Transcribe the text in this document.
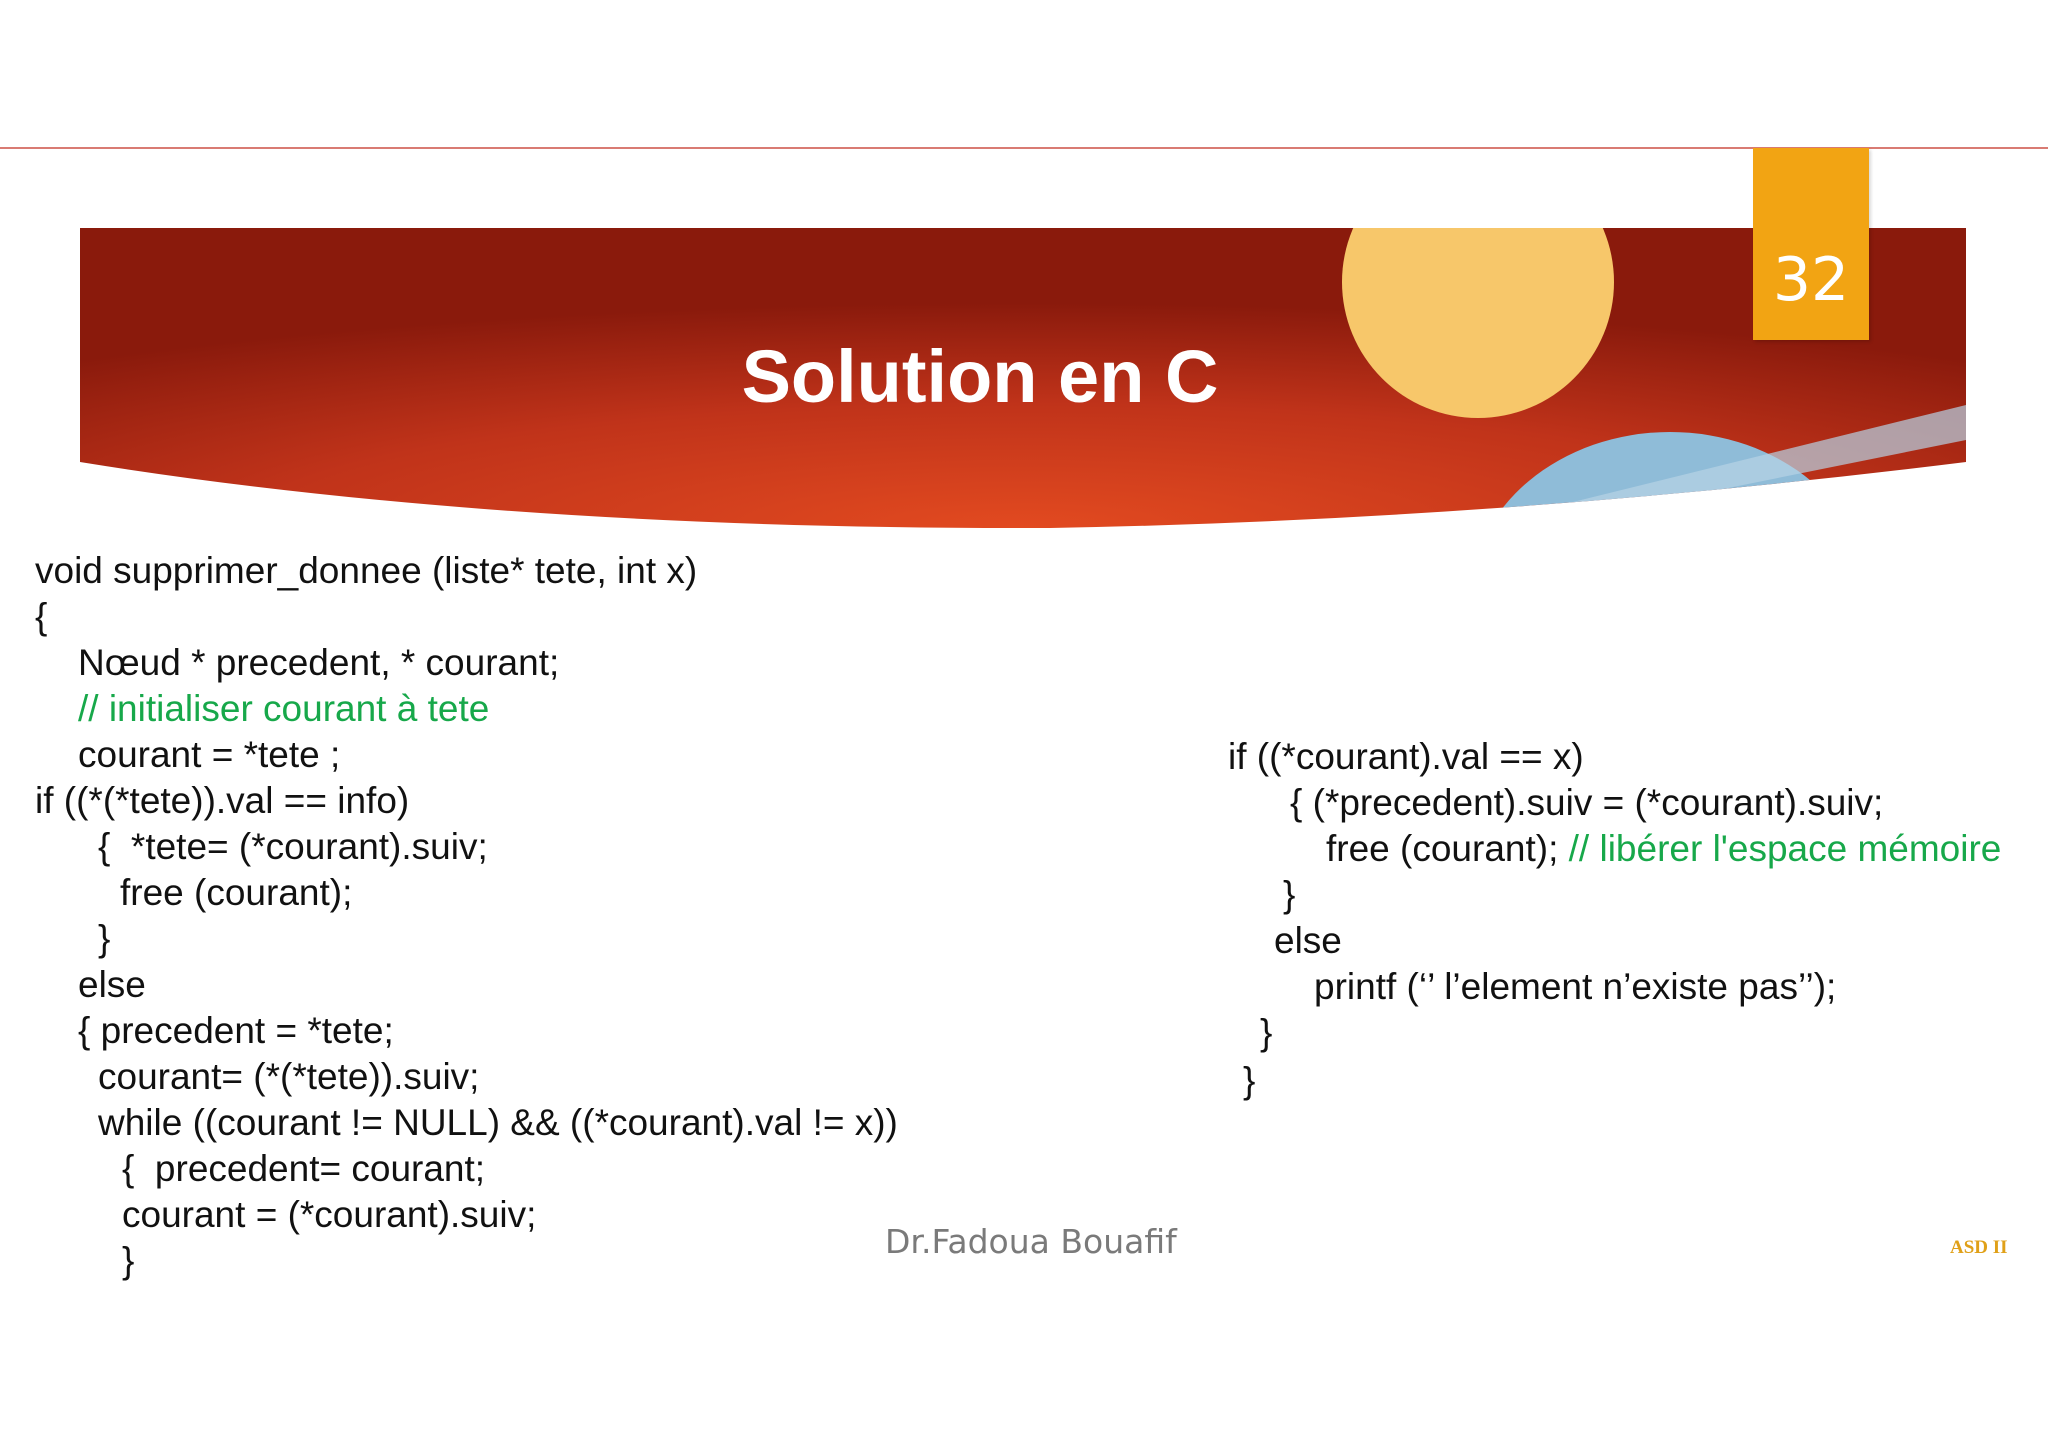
32
Solution en C
void supprimer_donnee (liste* tete, int x)
{
Nœud * precedent, * courant;
// initialiser courant à tete
courant = *tete ;
if ((*(*tete)).val == info)
{  *tete= (*courant).suiv;
free (courant);
}
else
{ precedent = *tete;
courant= (*(*tete)).suiv;
while ((courant != NULL) && ((*courant).val != x))
{  precedent= courant;
courant = (*courant).suiv;
}
if ((*courant).val == x)
{ (*precedent).suiv = (*courant).suiv;
free (courant); // libérer l'espace mémoire
}
else
printf (‘’ l’element n’existe pas’’);
}
}
Dr.Fadoua Bouafif	ASD II
